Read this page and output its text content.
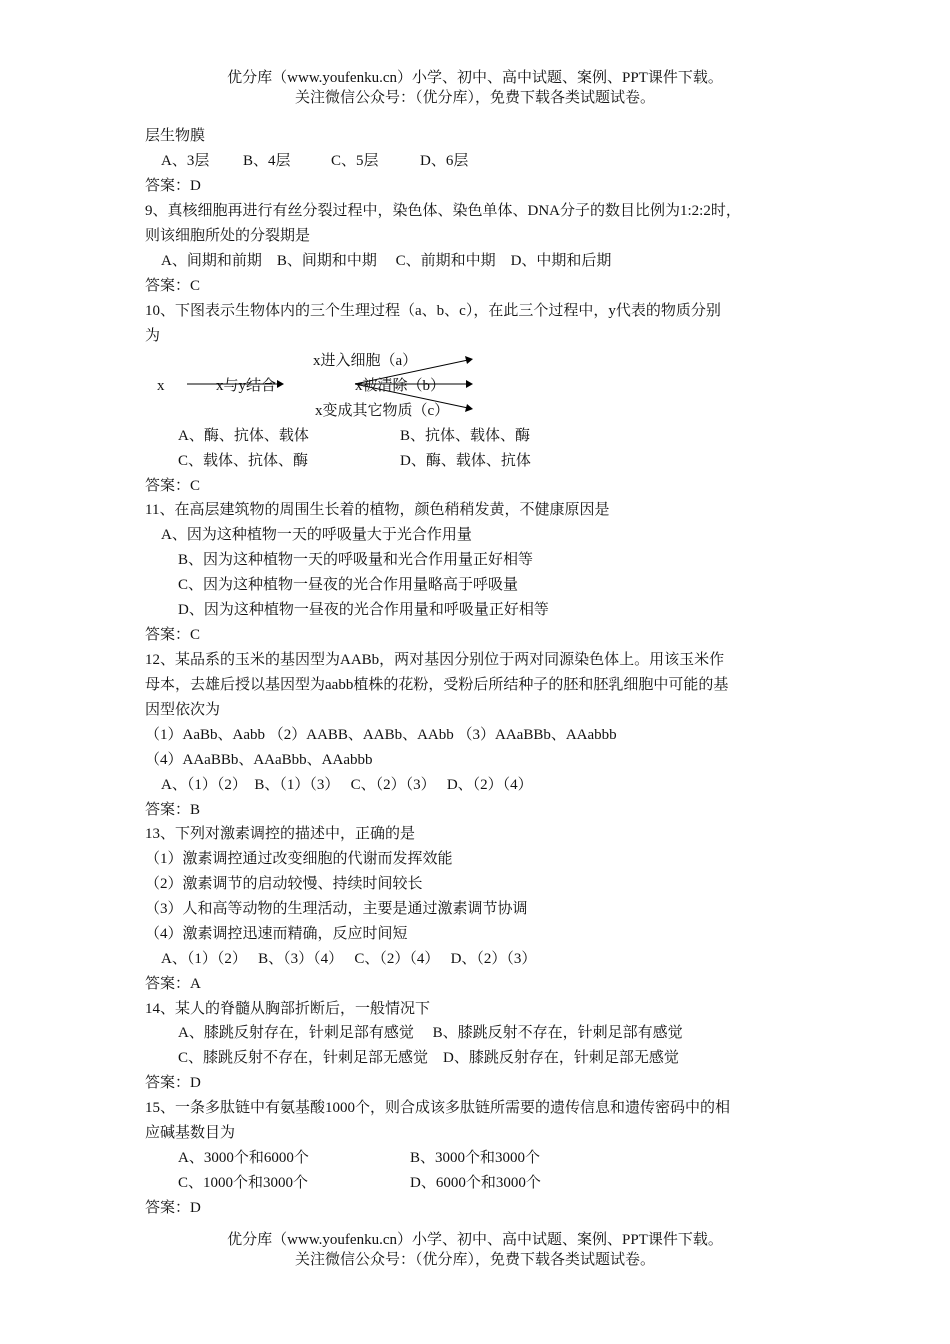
优分库（www.youfenku.cn）小学、初中、高中试题、案例、PPT课件下载。
关注微信公众号：（优分库），免费下载各类试题试卷。
层生物膜
A、3层 B、4层	C、5层	D、6层
答案：D
9、真核细胞再进行有丝分裂过程中，染色体、染色单体、DNA分子的数目比例为1:2:2时，
则该细胞所处的分裂期是
A、间期和前期　B、间期和中期　 C、前期和中期　D、中期和后期
答案：C
10、下图表示生物体内的三个生理过程（a、b、c），在此三个过程中，y代表的物质分别
为
x	x与y结合
x进入细胞（a）
x被清除（b）
x变成其它物质（c）
A、酶、抗体、载体	B、抗体、载体、酶
C、载体、抗体、酶	D、酶、载体、抗体
答案：C
11、在高层建筑物的周围生长着的植物，颜色稍稍发黄，不健康原因是
A、因为这种植物一天的呼吸量大于光合作用量
B、因为这种植物一天的呼吸量和光合作用量正好相等
C、因为这种植物一昼夜的光合作用量略高于呼吸量
D、因为这种植物一昼夜的光合作用量和呼吸量正好相等
答案：C
12、某品系的玉米的基因型为AABb，两对基因分别位于两对同源染色体上。用该玉米作
母本，去雄后授以基因型为aabb植株的花粉，受粉后所结种子的胚和胚乳细胞中可能的基
因型依次为
（1）AaBb、Aabb （2）AABB、AABb、AAbb （3）AAaBBb、AAabbb
（4）AAaBBb、AAaBbb、AAabbb
A、（1）（2）　B、（1）（3）　 C、（2）（3）　 D、（2）（4）
答案：B
13、下列对激素调控的描述中，正确的是
（1）激素调控通过改变细胞的代谢而发挥效能
（2）激素调节的启动较慢、持续时间较长
（3）人和高等动物的生理活动，主要是通过激素调节协调
（4）激素调控迅速而精确，反应时间短
A、（1）（2）　 B、（3）（4）　 C、（2）（4）　 D、（2）（3）
答案：A
14、某人的脊髓从胸部折断后，一般情况下
A、膝跳反射存在，针刺足部有感觉　 B、膝跳反射不存在，针刺足部有感觉
C、膝跳反射不存在，针刺足部无感觉　D、膝跳反射存在，针刺足部无感觉
答案：D
15、一条多肽链中有氨基酸1000个，则合成该多肽链所需要的遗传信息和遗传密码中的相
应碱基数目为
A、3000个和6000个	B、3000个和3000个
C、1000个和3000个	D、6000个和3000个
答案：D
优分库（www.youfenku.cn）小学、初中、高中试题、案例、PPT课件下载。
关注微信公众号：（优分库），免费下载各类试题试卷。
